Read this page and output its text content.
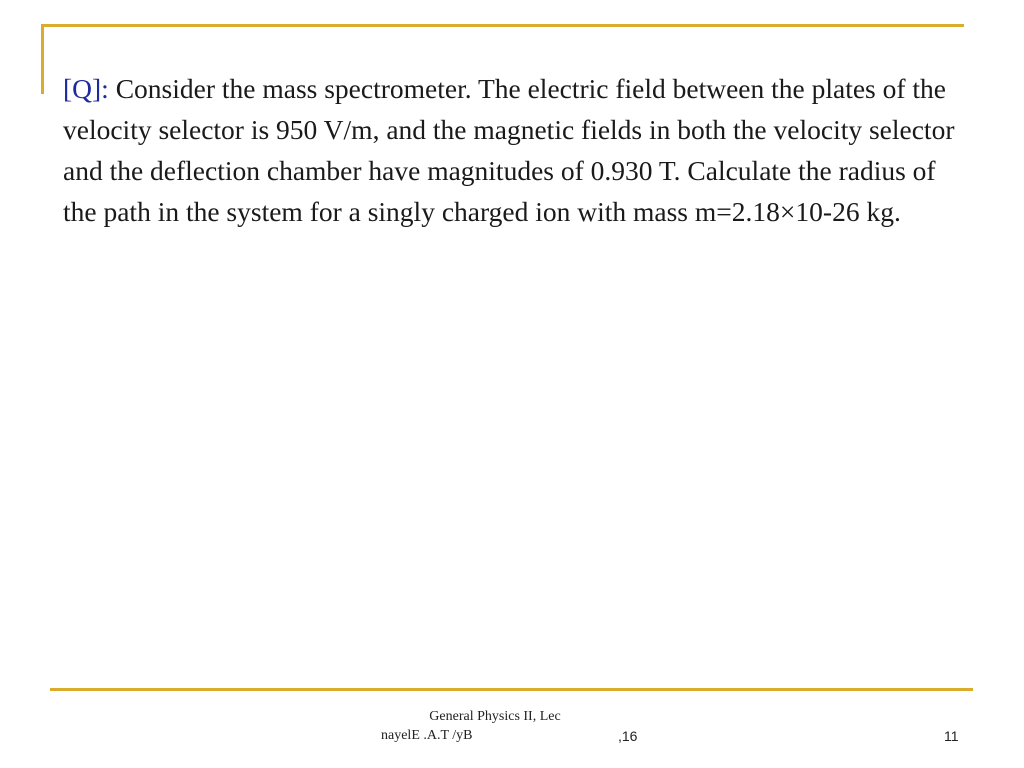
[Q]: Consider the mass spectrometer. The electric field between the plates of the velocity selector is 950 V/m, and the magnetic fields in both the velocity selector and the deflection chamber have magnitudes of 0.930 T. Calculate the radius of the path in the system for a singly charged ion with mass m=2.18×10-26 kg.
General Physics II, Lec
nayelE .A.T /yB	,16	11
